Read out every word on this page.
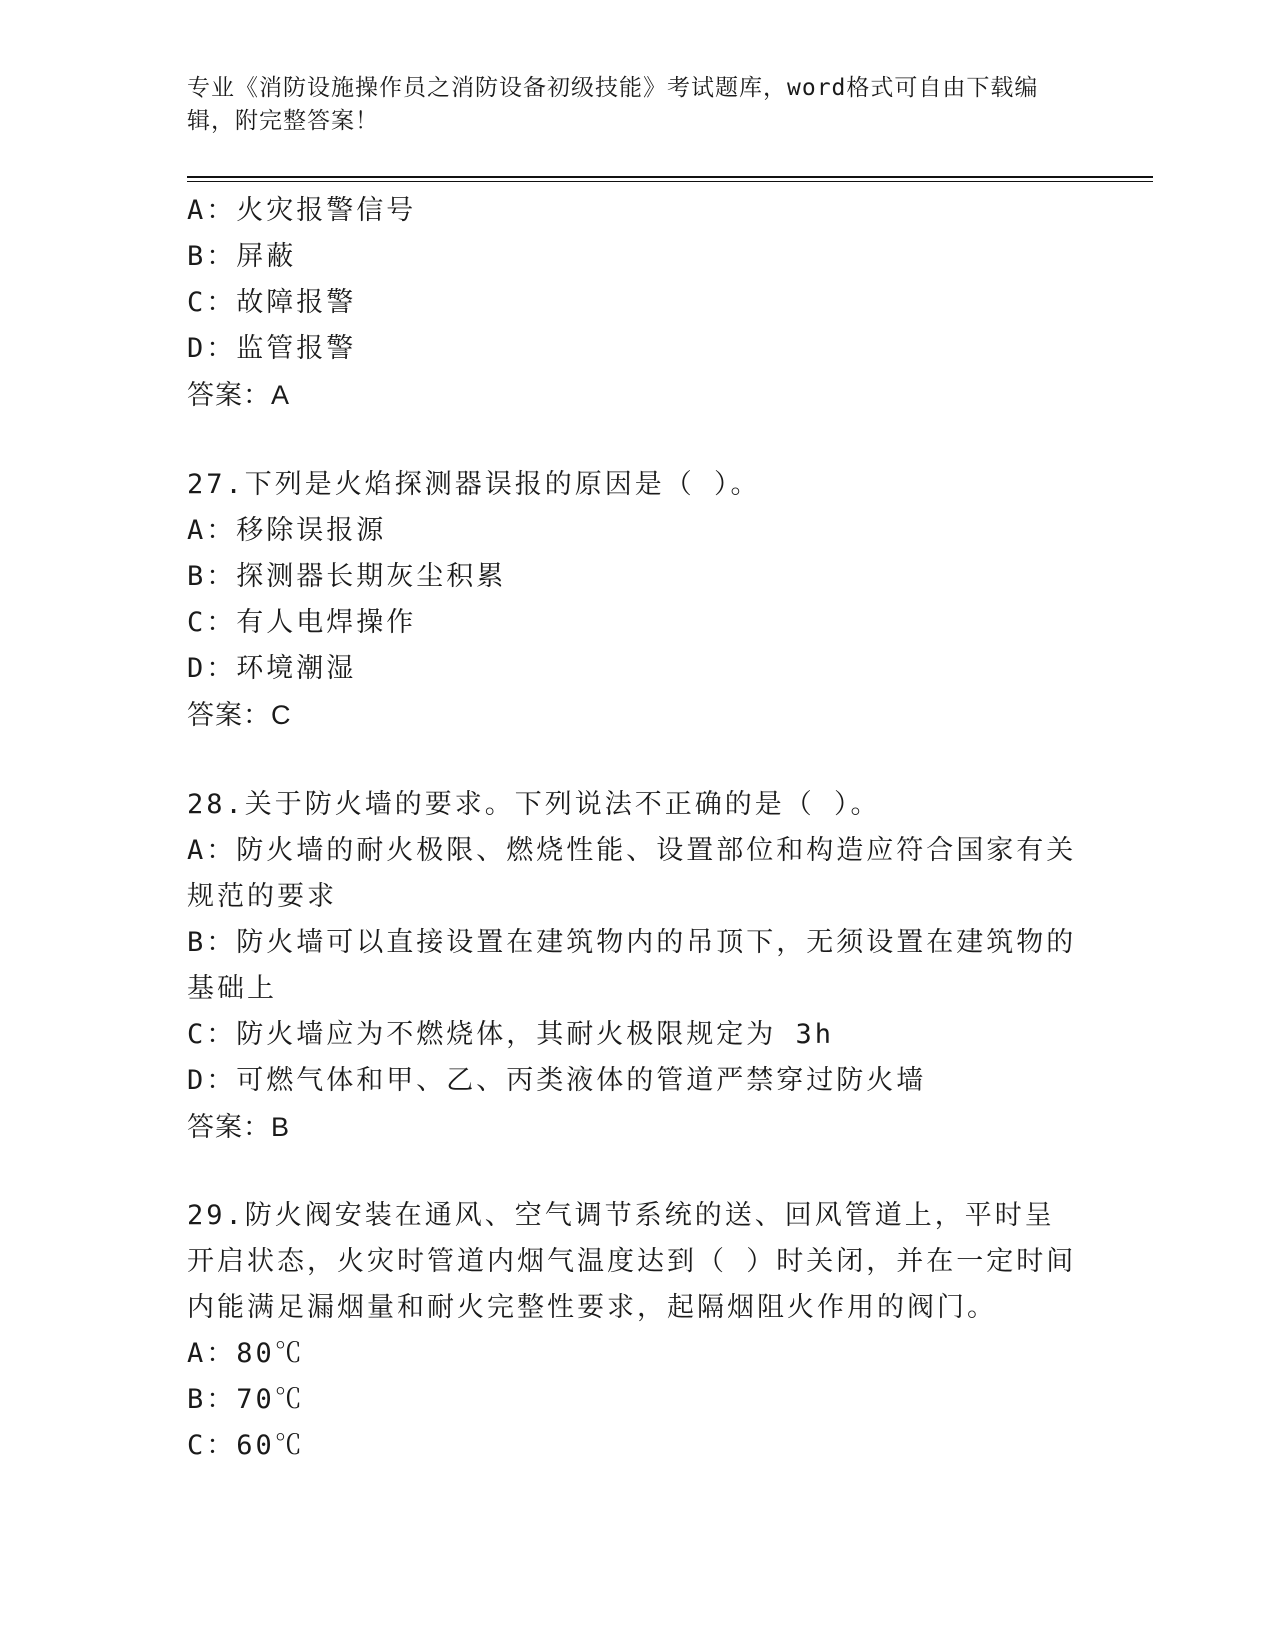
专业《消防设施操作员之消防设备初级技能》考试题库，word格式可自由下载编辑，附完整答案！
A：火灾报警信号
B：屏蔽
C：故障报警
D：监管报警
答案：A
27.下列是火焰探测器误报的原因是（ ）。
A：移除误报源
B：探测器长期灰尘积累
C：有人电焊操作
D：环境潮湿
答案：C
28.关于防火墙的要求。下列说法不正确的是（ ）。
A：防火墙的耐火极限、燃烧性能、设置部位和构造应符合国家有关规范的要求
B：防火墙可以直接设置在建筑物内的吊顶下，无须设置在建筑物的基础上
C：防火墙应为不燃烧体，其耐火极限规定为 3h
D：可燃气体和甲、乙、丙类液体的管道严禁穿过防火墙
答案：B
29.防火阀安装在通风、空气调节系统的送、回风管道上，平时呈开启状态，火灾时管道内烟气温度达到（ ）时关闭，并在一定时间内能满足漏烟量和耐火完整性要求，起隔烟阻火作用的阀门。
A：80℃
B：70℃
C：60℃
